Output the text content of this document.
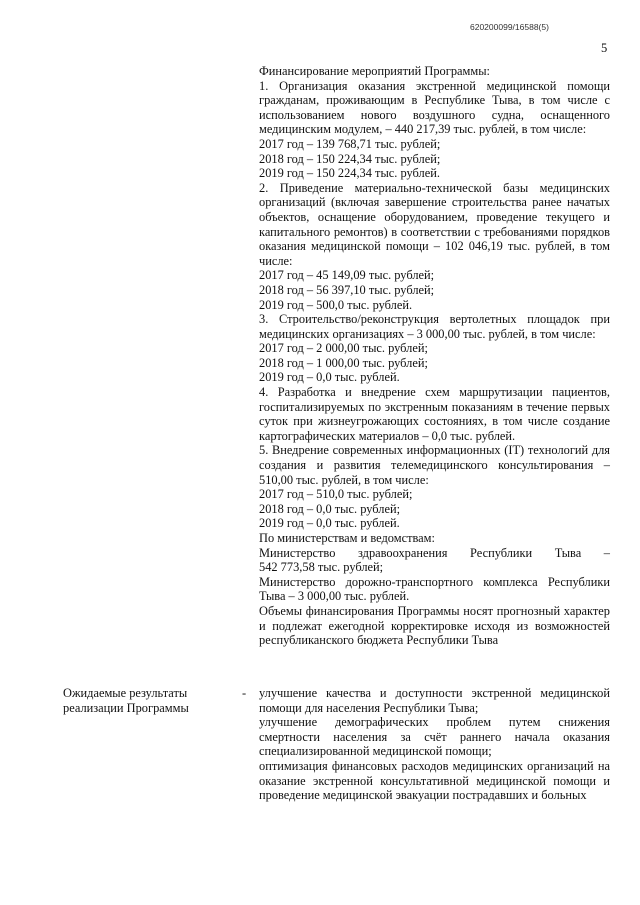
620200099/16588(5)
5

Финансирование мероприятий Программы:

1. Организация оказания экстренной медицинской помощи гражданам, проживающим в Республике Тыва, в том числе с использованием нового воздушного судна, оснащенного медицинским модулем, – 440 217,39 тыс. рублей, в том числе:

2017 год – 139 768,71 тыс. рублей;

2018 год – 150 224,34 тыс. рублей;

2019 год – 150 224,34 тыс. рублей.

2. Приведение материально-технической базы медицинских организаций (включая завершение строительства ранее начатых объектов, оснащение оборудованием, проведение текущего и капитального ремонтов) в соответствии с требованиями порядков оказания медицинской помощи – 102 046,19 тыс. рублей, в том числе:

2017 год – 45 149,09 тыс. рублей;

2018 год – 56 397,10 тыс. рублей;

2019 год – 500,0 тыс. рублей.

3. Строительство/реконструкция вертолетных площадок при медицинских организациях – 3 000,00 тыс. рублей, в том числе:

2017 год – 2 000,00 тыс. рублей;

2018 год – 1 000,00 тыс. рублей;

2019 год – 0,0 тыс. рублей.

4. Разработка и внедрение схем маршрутизации пациентов, госпитализируемых по экстренным показаниям в течение первых суток при жизнеугрожающих состояниях, в том числе создание картографических материалов – 0,0 тыс. рублей.

5. Внедрение современных информационных (IT) технологий для создания и развития телемедицинского консультирования – 510,00 тыс. рублей, в том числе:

2017 год – 510,0 тыс. рублей;

2018 год – 0,0 тыс. рублей;

2019 год – 0,0 тыс. рублей.

По министерствам и ведомствам:

Министерство здравоохранения Республики Тыва –

542 773,58 тыс. рублей;

Министерство дорожно-транспортного комплекса Республики Тыва – 3 000,00 тыс. рублей.

Объемы финансирования Программы носят прогнозный характер и подлежат ежегодной корректировке исходя из возможностей республиканского бюджета Республики Тыва

Ожидаемые результаты реализации Программы
- улучшение качества и доступности экстренной медицинской помощи для населения Республики Тыва;

улучшение демографических проблем путем снижения смертности населения за счёт раннего начала оказания специализированной медицинской помощи;

оптимизация финансовых расходов медицинских организаций на оказание экстренной консультативной медицинской помощи и проведение медицинской эвакуации пострадавших и больных
